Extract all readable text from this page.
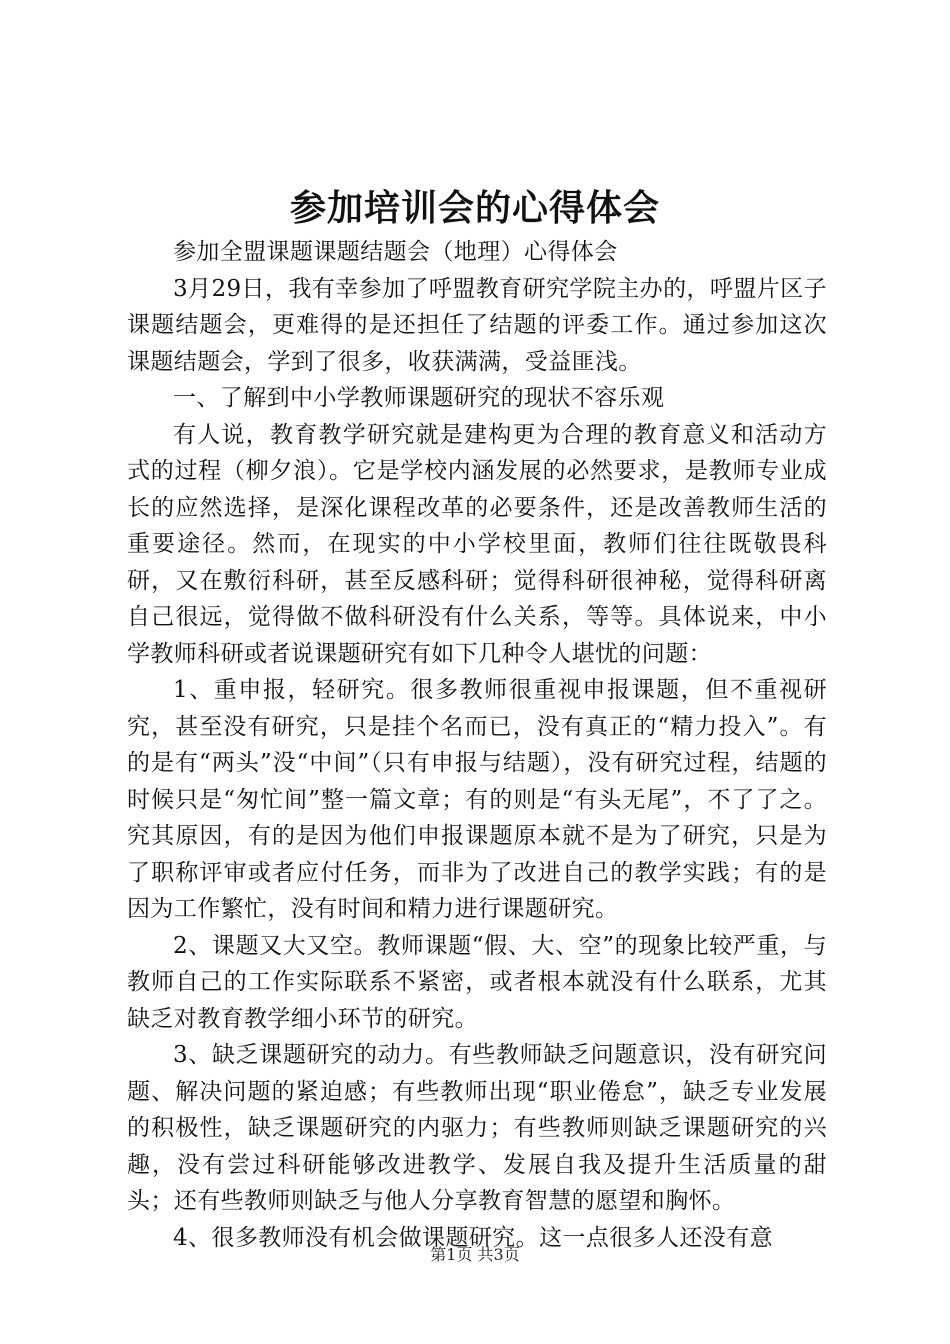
参加培训会的心得体会

参加全盟课题课题结题会（地理）心得体会

3月29日，我有幸参加了呼盟教育研究学院主办的，呼盟片区子课题结题会，更难得的是还担任了结题的评委工作。通过参加这次课题结题会，学到了很多，收获满满，受益匪浅。

一、了解到中小学教师课题研究的现状不容乐观

有人说，教育教学研究就是建构更为合理的教育意义和活动方式的过程（柳夕浪）。它是学校内涵发展的必然要求，是教师专业成长的应然选择，是深化课程改革的必要条件，还是改善教师生活的重要途径。然而，在现实的中小学校里面，教师们往往既敬畏科研，又在敷衍科研，甚至反感科研；觉得科研很神秘，觉得科研离自己很远，觉得做不做科研没有什么关系，等等。具体说来，中小学教师科研或者说课题研究有如下几种令人堪忧的问题：

1、重申报，轻研究。很多教师很重视申报课题，但不重视研究，甚至没有研究，只是挂个名而已，没有真正的“精力投入”。有的是有“两头”没“中间”（只有申报与结题），没有研究过程，结题的时候只是“匆忙间”整一篇文章；有的则是“有头无尾”，不了了之。究其原因，有的是因为他们申报课题原本就不是为了研究，只是为了职称评审或者应付任务，而非为了改进自己的教学实践；有的是因为工作繁忙，没有时间和精力进行课题研究。

2、课题又大又空。教师课题“假、大、空”的现象比较严重，与教师自己的工作实际联系不紧密，或者根本就没有什么联系，尤其缺乏对教育教学细小环节的研究。

3、缺乏课题研究的动力。有些教师缺乏问题意识，没有研究问题、解决问题的紧迫感；有些教师出现“职业倦怠”，缺乏专业发展的积极性，缺乏课题研究的内驱力；有些教师则缺乏课题研究的兴趣，没有尝过科研能够改进教学、发展自我及提升生活质量的甜头；还有些教师则缺乏与他人分享教育智慧的愿望和胸怀。

4、很多教师没有机会做课题研究。这一点很多人还没有意

第1页 共3页
